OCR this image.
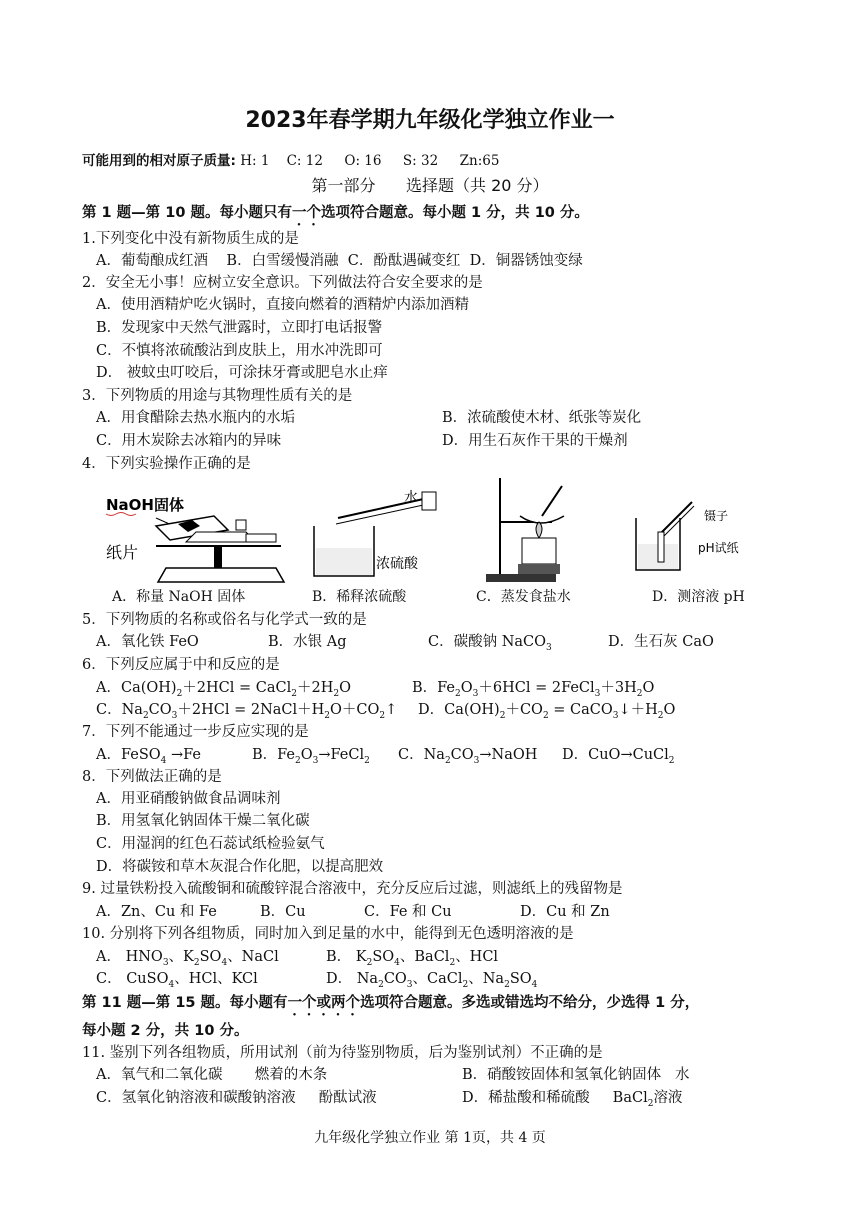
2023年春学期九年级化学独立作业一
可能用到的相对原子质量: H: 1    C: 12     O: 16     S: 32     Zn:65
第一部分      选择题（共 20 分）
第 1 题—第 10 题。每小题只有一个选项符合题意。每小题 1 分，共 10 分。
1.下列变化中没有新物质生成的是
A．葡萄酿成红酒    B．白雪缓慢消融  C．酚酞遇碱变红  D．铜器锈蚀变绿
2．安全无小事！应树立安全意识。下列做法符合安全要求的是
A．使用酒精炉吃火锅时，直接向燃着的酒精炉内添加酒精
B．发现家中天然气泄露时，立即打电话报警
C．不慎将浓硫酸沾到皮肤上，用水冲洗即可
D． 被蚊虫叮咬后，可涂抹牙膏或肥皂水止痒
3．下列物质的用途与其物理性质有关的是
A．用食醋除去热水瓶内的水垢	B．浓硫酸使木材、纸张等炭化
C．用木炭除去冰箱内的异味	D．用生石灰作干果的干燥剂
4．下列实验操作正确的是
NaOH固体
纸片
A．称量 NaOH 固体
水
浓硫酸
B．稀释浓硫酸	C．蒸发食盐水
镊子
pH试纸
D．测溶液 pH
5．下列物质的名称或俗名与化学式一致的是
A．氧化铁 FeO	B．水银 Ag	C．碳酸钠 NaCO$_3$	D．生石灰 CaO
6．下列反应属于中和反应的是
A．$Ca(OH)_2+2HCl$ = $CaCl_2+2H_2O$	B．$Fe_2O_3+6HCl$ = $2FeCl_3+3H_2O$
C．$Na_2CO_3+2HCl$ = $2NaCl+H_2O+CO_2↑$ D．$Ca(OH)_2+CO_2$ = $CaCO_3↓+H_2O$
7．下列不能通过一步反应实现的是
A．FeSO$_4$ →Fe	B．$Fe_2O_3\to FeCl_2$ C．$Na_2CO_3\to NaOH$ D．CuO→CuCl$_2$
8．下列做法正确的是
A．用亚硝酸钠做食品调味剂
B．用氢氧化钠固体干燥二氧化碳
C．用湿润的红色石蕊试纸检验氨气
D．将碳铵和草木灰混合作化肥，以提高肥效
9. 过量铁粉投入硫酸铜和硫酸锌混合溶液中，充分反应后过滤，则滤纸上的残留物是
A．Zn、Cu 和 Fe	B．Cu	C．Fe 和 Cu	D．Cu 和 Zn
10. 分别将下列各组物质，同时加入到足量的水中，能得到无色透明溶液的是
A． $HNO_3$、$K_2SO_4$、NaCl	B． $K_2SO_4$、BaCl$_2$、HCl
C． CuSO$_4$、HCl、KCl	D． $Na_2CO_3$、CaCl$_2$、$Na_2SO_4$
第 11 题—第 15 题。每小题有一个或两个选项符合题意。多选或错选均不给分，少选得 1 分，
每小题 2 分，共 10 分。
11. 鉴别下列各组物质，所用试剂（前为待鉴别物质，后为鉴别试剂）不正确的是
A．氧气和二氧化碳       燃着的木条	B．硝酸铵固体和氢氧化钠固体   水
C．氢氧化钠溶液和碳酸钠溶液     酚酞试液	D．稀盐酸和稀硫酸     BaCl$_2$溶液
九年级化学独立作业 第 1页，共 4 页
